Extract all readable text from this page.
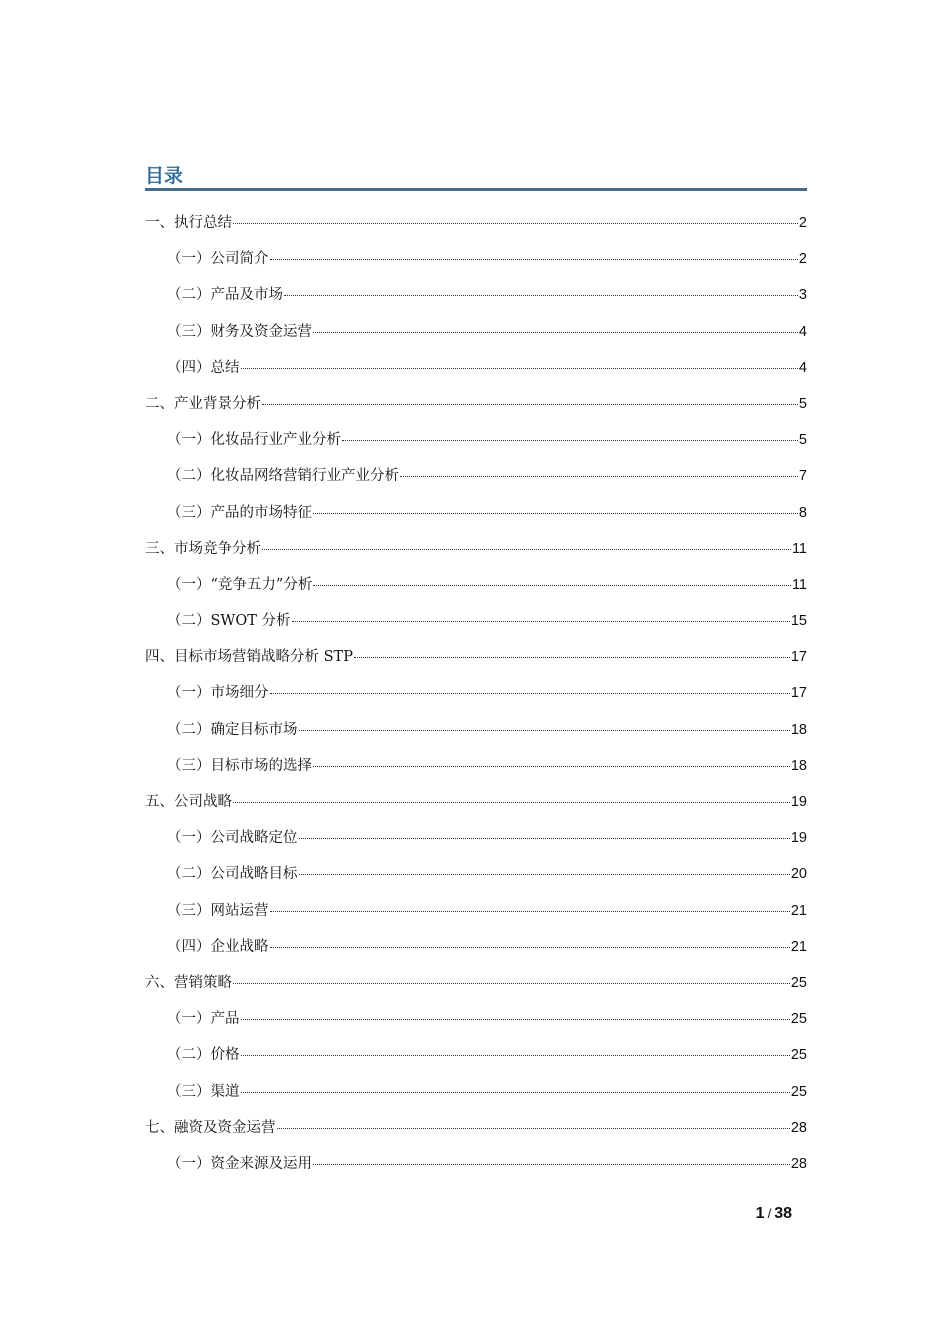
目录
一、执行总结	2
（一）公司简介	2
（二）产品及市场	3
（三）财务及资金运营	4
（四）总结	4
二、产业背景分析	5
（一）化妆品行业产业分析	5
（二）化妆品网络营销行业产业分析	7
（三）产品的市场特征	8
三、市场竞争分析	11
（一）“竞争五力”分析	11
（二）SWOT 分析	15
四、目标市场营销战略分析 STP	17
（一）市场细分	17
（二）确定目标市场	18
（三）目标市场的选择	18
五、公司战略	19
（一）公司战略定位	19
（二）公司战略目标	20
（三）网站运营	21
（四）企业战略	21
六、营销策略	25
（一）产品	25
（二）价格	25
（三）渠道	25
七、融资及资金运营	28
（一）资金来源及运用	28
1 / 38
